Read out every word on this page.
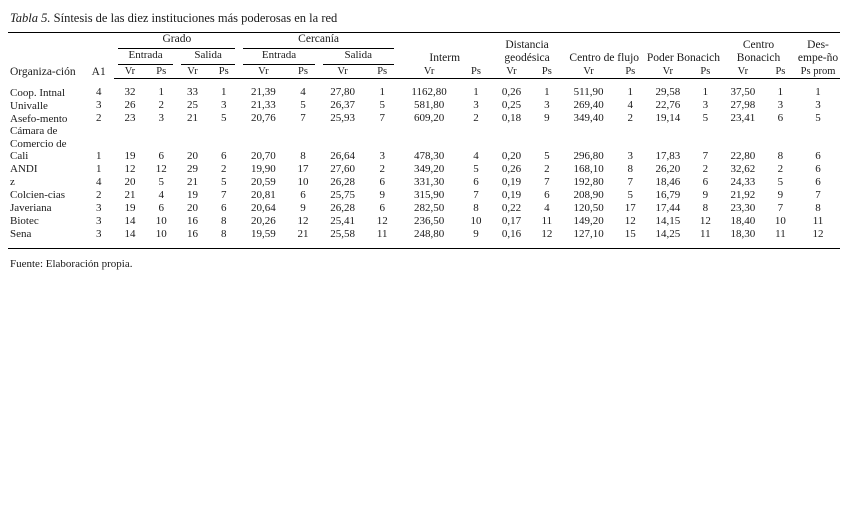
Tabla 5. Síntesis de las diez instituciones más poderosas en la red

Organiza-ción	A1	Grado				Cercanía				Interm		Distancia geodésica		Centro de flujo		Poder Bonacich		Centro Bonacich		Des-empe-ño

		Entrada		Salida		Entrada		Salida												

		Vr	Ps	Vr	Ps	Vr	Ps	Vr	Ps	Vr	Ps	Vr	Ps	Vr	Ps	Vr	Ps	Vr	Ps	Ps prom
Coop. Intnal	4	32	1	33	1	21,39	4	27,80	1	1162,80	1	0,26	1	511,90	1	29,58	1	37,50	1	1
Univalle	3	26	2	25	3	21,33	5	26,37	5	581,80	3	0,25	3	269,40	4	22,76	3	27,98	3	3
Asefo-mento	2	23	3	21	5	20,76	7	25,93	7	609,20	2	0,18	9	349,40	2	19,14	5	23,41	6	5
Cámara de Comercio de Cali	1	19	6	20	6	20,70	8	26,64	3	478,30	4	0,20	5	296,80	3	17,83	7	22,80	8	6
ANDI	1	12	12	29	2	19,90	17	27,60	2	349,20	5	0,26	2	168,10	8	26,20	2	32,62	2	6
z	4	20	5	21	5	20,59	10	26,28	6	331,30	6	0,19	7	192,80	7	18,46	6	24,33	5	6
Colcien-cias	2	21	4	19	7	20,81	6	25,75	9	315,90	7	0,19	6	208,90	5	16,79	9	21,92	9	7
Javeriana	3	19	6	20	6	20,64	9	26,28	6	282,50	8	0,22	4	120,50	17	17,44	8	23,30	7	8
Biotec	3	14	10	16	8	20,26	12	25,41	12	236,50	10	0,17	11	149,20	12	14,15	12	18,40	10	11
Sena	3	14	10	16	8	19,59	21	25,58	11	248,80	9	0,16	12	127,10	15	14,25	11	18,30	11	12

Fuente: Elaboración propia.
